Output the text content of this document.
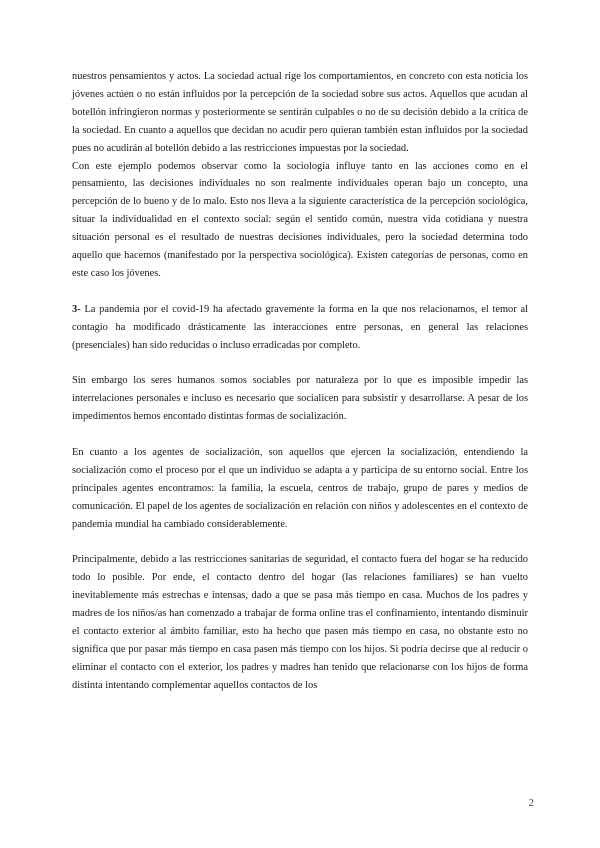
nuestros pensamientos y actos. La sociedad actual rige los comportamientos, en concreto con esta noticia los jóvenes actúen o no están influidos por la percepción de la sociedad sobre sus actos. Aquellos que acudan al botellón infringieron normas y posteriormente se sentirán culpables o no de su decisión debido a la crítica de la sociedad. En cuanto a aquellos que decidan no acudir pero quieran también estan influidos por la sociedad pues no acudirán al botellón debido a las restricciones impuestas por la sociedad.

Con este ejemplo podemos observar como la sociología influye tanto en las acciones como en el pensamiento, las decisiones individuales no son realmente individuales operan bajo un concepto, una percepción de lo bueno y de lo malo. Esto nos lleva a la siguiente característica de la percepción sociológica, situar la individualidad en el contexto social: según el sentido común, nuestra vida cotidiana y nuestra situación personal es el resultado de nuestras decisiones individuales, pero la sociedad determina todo aquello que hacemos (manifestado por la perspectiva sociológica). Existen categorías de personas, como en este caso los jóvenes.

3- La pandemia por el covid-19 ha afectado gravemente la forma en la que nos relacionamos, el temor al contagio ha modificado drásticamente las interacciones entre personas, en general las relaciones (presenciales) han sido reducidas o incluso erradicadas por completo.

Sin embargo los seres humanos somos sociables por naturaleza por lo que es imposible impedir las interrelaciones personales e incluso es necesario que socialicen para subsistir y desarrollarse. A pesar de los impedimentos hemos encontado distintas formas de socialización.

En cuanto a los agentes de socialización, son aquellos que ejercen la socialización, entendiendo la socialización como el proceso por el que un individuo se adapta a y participa de su entorno social. Entre los principales agentes encontramos: la familia, la escuela, centros de trabajo, grupo de pares y medios de comunicación. El papel de los agentes de socialización en relación con niños y adolescentes en el contexto de pandemia mundial ha cambiado considerablemente.

Principalmente, debido a las restricciones sanitarias de seguridad, el contacto fuera del hogar se ha reducido todo lo posible. Por ende, el contacto dentro del hogar (las relaciones familiares) se han vuelto inevitablemente más estrechas e intensas, dado a que se pasa más tiempo en casa. Muchos de los padres y madres de los niños/as han comenzado a trabajar de forma online tras el confinamiento, intentando disminuir el contacto exterior al ámbito familiar, esto ha hecho que pasen más tiempo en casa, no obstante esto no significa que por pasar más tiempo en casa pasen más tiempo con los hijos. Si podría decirse que al reducir o eliminar el contacto con el exterior, los padres y madres han tenido que relacionarse con los hijos de forma distinta intentando complementar aquellos contactos de los

2
